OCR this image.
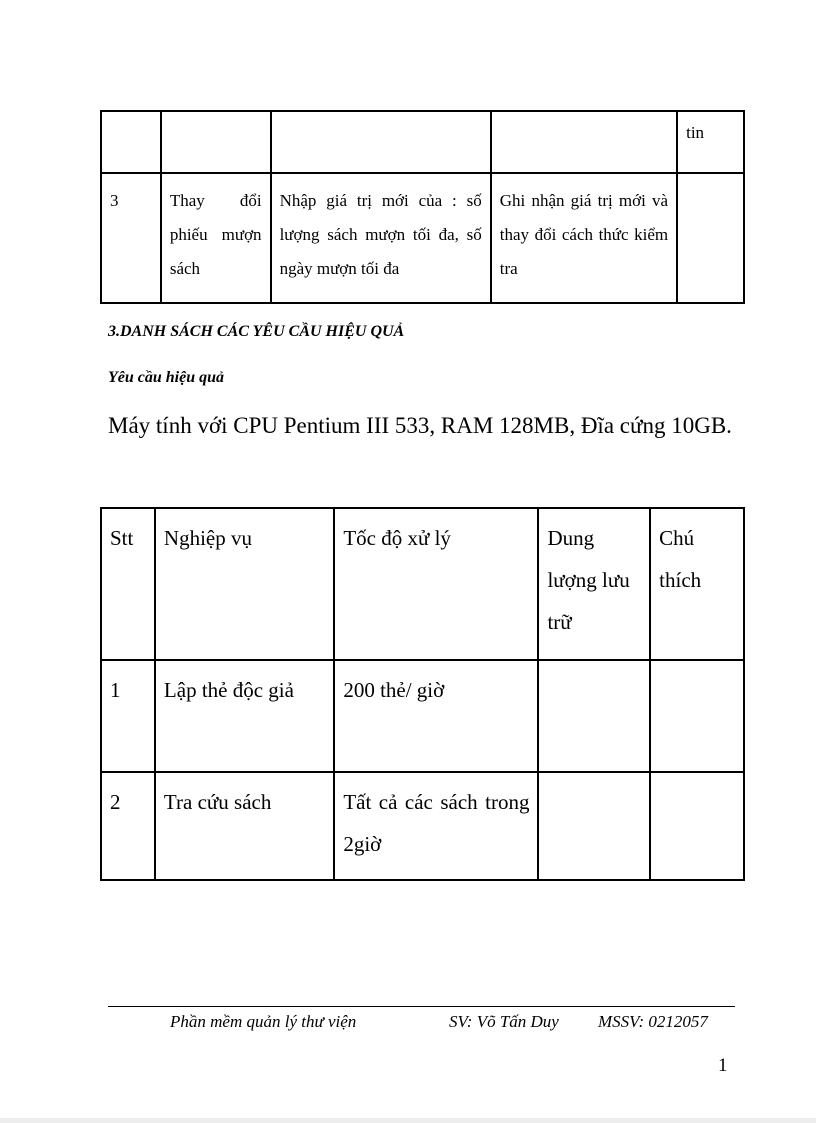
				tin
3	Thay đổi phiếu mượn sách	Nhập giá trị mới của : số lượng sách mượn tối đa, số ngày mượn tối đa	Ghi nhận giá trị mới và thay đổi cách thức kiểm tra	
3.DANH SÁCH CÁC YÊU CẦU HIỆU QUẢ
Yêu cầu hiệu quả
Máy tính với CPU Pentium III 533, RAM 128MB, Đĩa cứng 10GB.
Stt	Nghiệp vụ	Tốc độ xử lý	Dung lượng lưu trữ	Chú thích
1	Lập thẻ độc giả	200 thẻ/ giờ		
2	Tra cứu sách	Tất cả các sách trong 2giờ		
Phần mềm quản lý thư viện	SV: Võ Tấn Duy MSSV: 0212057
1
